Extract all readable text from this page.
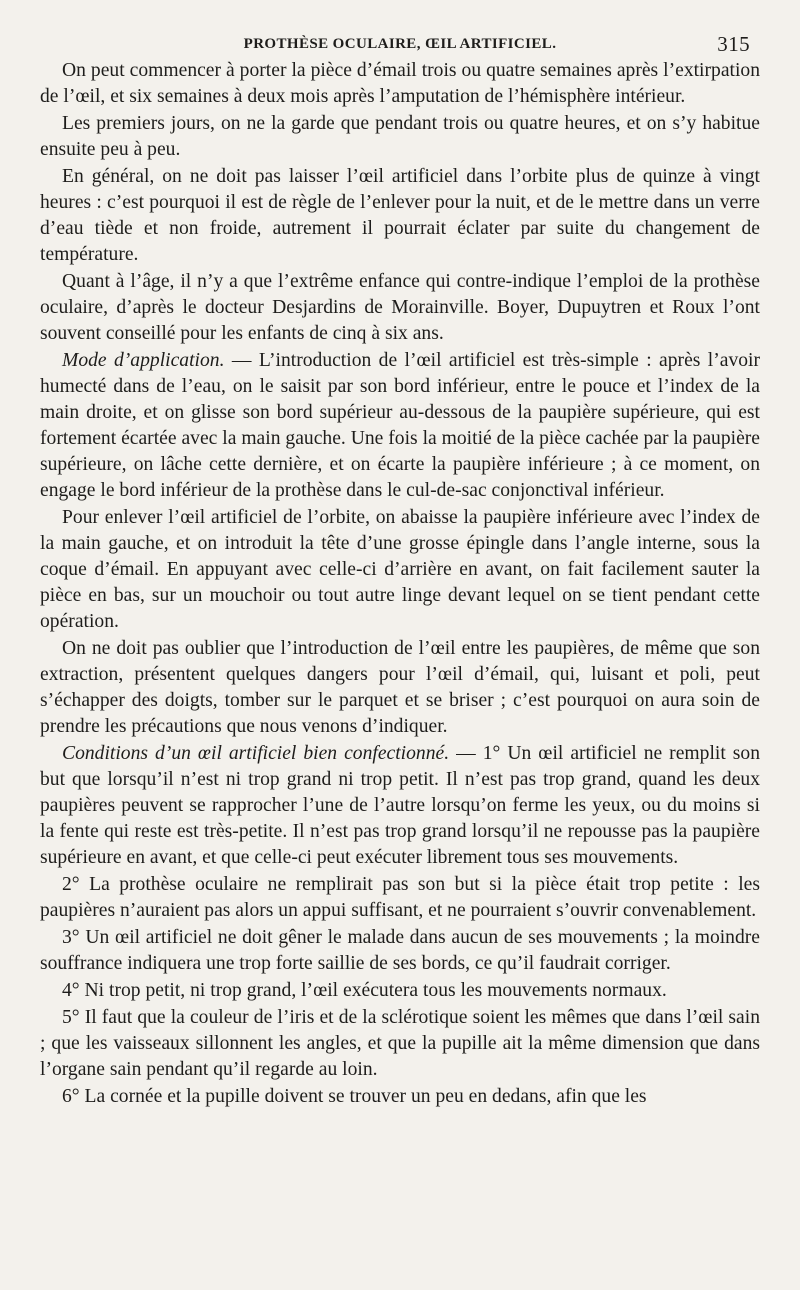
PROTHÈSE OCULAIRE, ŒIL ARTIFICIEL.	315

On peut commencer à porter la pièce d’émail trois ou quatre semaines après l’extirpation de l’œil, et six semaines à deux mois après l’amputation de l’hémisphère intérieur.

Les premiers jours, on ne la garde que pendant trois ou quatre heures, et on s’y habitue ensuite peu à peu.

En général, on ne doit pas laisser l’œil artificiel dans l’orbite plus de quinze à vingt heures : c’est pourquoi il est de règle de l’enlever pour la nuit, et de le mettre dans un verre d’eau tiède et non froide, autrement il pourrait éclater par suite du changement de température.

Quant à l’âge, il n’y a que l’extrême enfance qui contre-indique l’emploi de la prothèse oculaire, d’après le docteur Desjardins de Morainville. Boyer, Dupuytren et Roux l’ont souvent conseillé pour les enfants de cinq à six ans.

Mode d’application. — L’introduction de l’œil artificiel est très-simple : après l’avoir humecté dans de l’eau, on le saisit par son bord inférieur, entre le pouce et l’index de la main droite, et on glisse son bord supérieur au-dessous de la paupière supérieure, qui est fortement écartée avec la main gauche. Une fois la moitié de la pièce cachée par la paupière supérieure, on lâche cette dernière, et on écarte la paupière inférieure ; à ce moment, on engage le bord inférieur de la prothèse dans le cul-de-sac conjonctival inférieur.

Pour enlever l’œil artificiel de l’orbite, on abaisse la paupière inférieure avec l’index de la main gauche, et on introduit la tête d’une grosse épingle dans l’angle interne, sous la coque d’émail. En appuyant avec celle-ci d’arrière en avant, on fait facilement sauter la pièce en bas, sur un mouchoir ou tout autre linge devant lequel on se tient pendant cette opération.

On ne doit pas oublier que l’introduction de l’œil entre les paupières, de même que son extraction, présentent quelques dangers pour l’œil d’émail, qui, luisant et poli, peut s’échapper des doigts, tomber sur le parquet et se briser ; c’est pourquoi on aura soin de prendre les précautions que nous venons d’indiquer.

Conditions d’un œil artificiel bien confectionné. — 1° Un œil artificiel ne remplit son but que lorsqu’il n’est ni trop grand ni trop petit. Il n’est pas trop grand, quand les deux paupières peuvent se rapprocher l’une de l’autre lorsqu’on ferme les yeux, ou du moins si la fente qui reste est très-petite. Il n’est pas trop grand lorsqu’il ne repousse pas la paupière supérieure en avant, et que celle-ci peut exécuter librement tous ses mouvements.

2° La prothèse oculaire ne remplirait pas son but si la pièce était trop petite : les paupières n’auraient pas alors un appui suffisant, et ne pourraient s’ouvrir convenablement.

3° Un œil artificiel ne doit gêner le malade dans aucun de ses mouvements ; la moindre souffrance indiquera une trop forte saillie de ses bords, ce qu’il faudrait corriger.

4° Ni trop petit, ni trop grand, l’œil exécutera tous les mouvements normaux.

5° Il faut que la couleur de l’iris et de la sclérotique soient les mêmes que dans l’œil sain ; que les vaisseaux sillonnent les angles, et que la pupille ait la même dimension que dans l’organe sain pendant qu’il regarde au loin.

6° La cornée et la pupille doivent se trouver un peu en dedans, afin que les
